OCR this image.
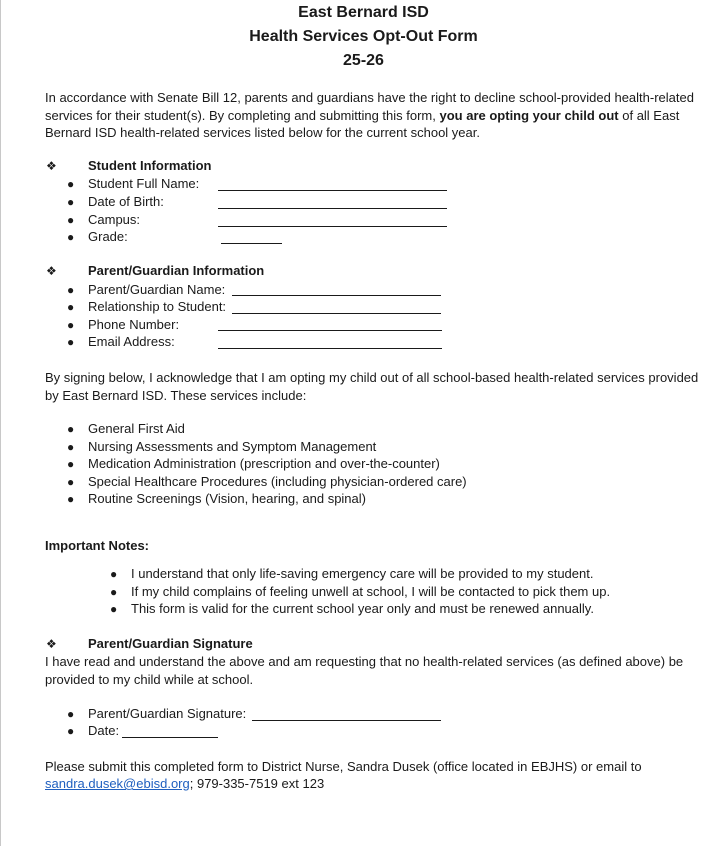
East Bernard ISD
Health Services Opt-Out Form
25-26

In accordance with Senate Bill 12, parents and guardians have the right to decline school-provided health-related services for their student(s). By completing and submitting this form, you are opting your child out of all East Bernard ISD health-related services listed below for the current school year.

❖ Student Information
● Student Full Name:
● Date of Birth:
● Campus:
● Grade:
❖ Parent/Guardian Information
● Parent/Guardian Name:
● Relationship to Student:
● Phone Number:
● Email Address:

By signing below, I acknowledge that I am opting my child out of all school-based health-related services provided by East Bernard ISD. These services include:

● General First Aid
● Nursing Assessments and Symptom Management
● Medication Administration (prescription and over-the-counter)
● Special Healthcare Procedures (including physician-ordered care)
● Routine Screenings (Vision, hearing, and spinal)
Important Notes:
● I understand that only life-saving emergency care will be provided to my student.
● If my child complains of feeling unwell at school, I will be contacted to pick them up.
● This form is valid for the current school year only and must be renewed annually.
❖ Parent/Guardian Signature

I have read and understand the above and am requesting that no health-related services (as defined above) be provided to my child while at school.

● Parent/Guardian Signature:
● Date:
Please submit this completed form to District Nurse, Sandra Dusek (office located in EBJHS) or email to
sandra.dusek@ebisd.org; 979-335-7519 ext 123
